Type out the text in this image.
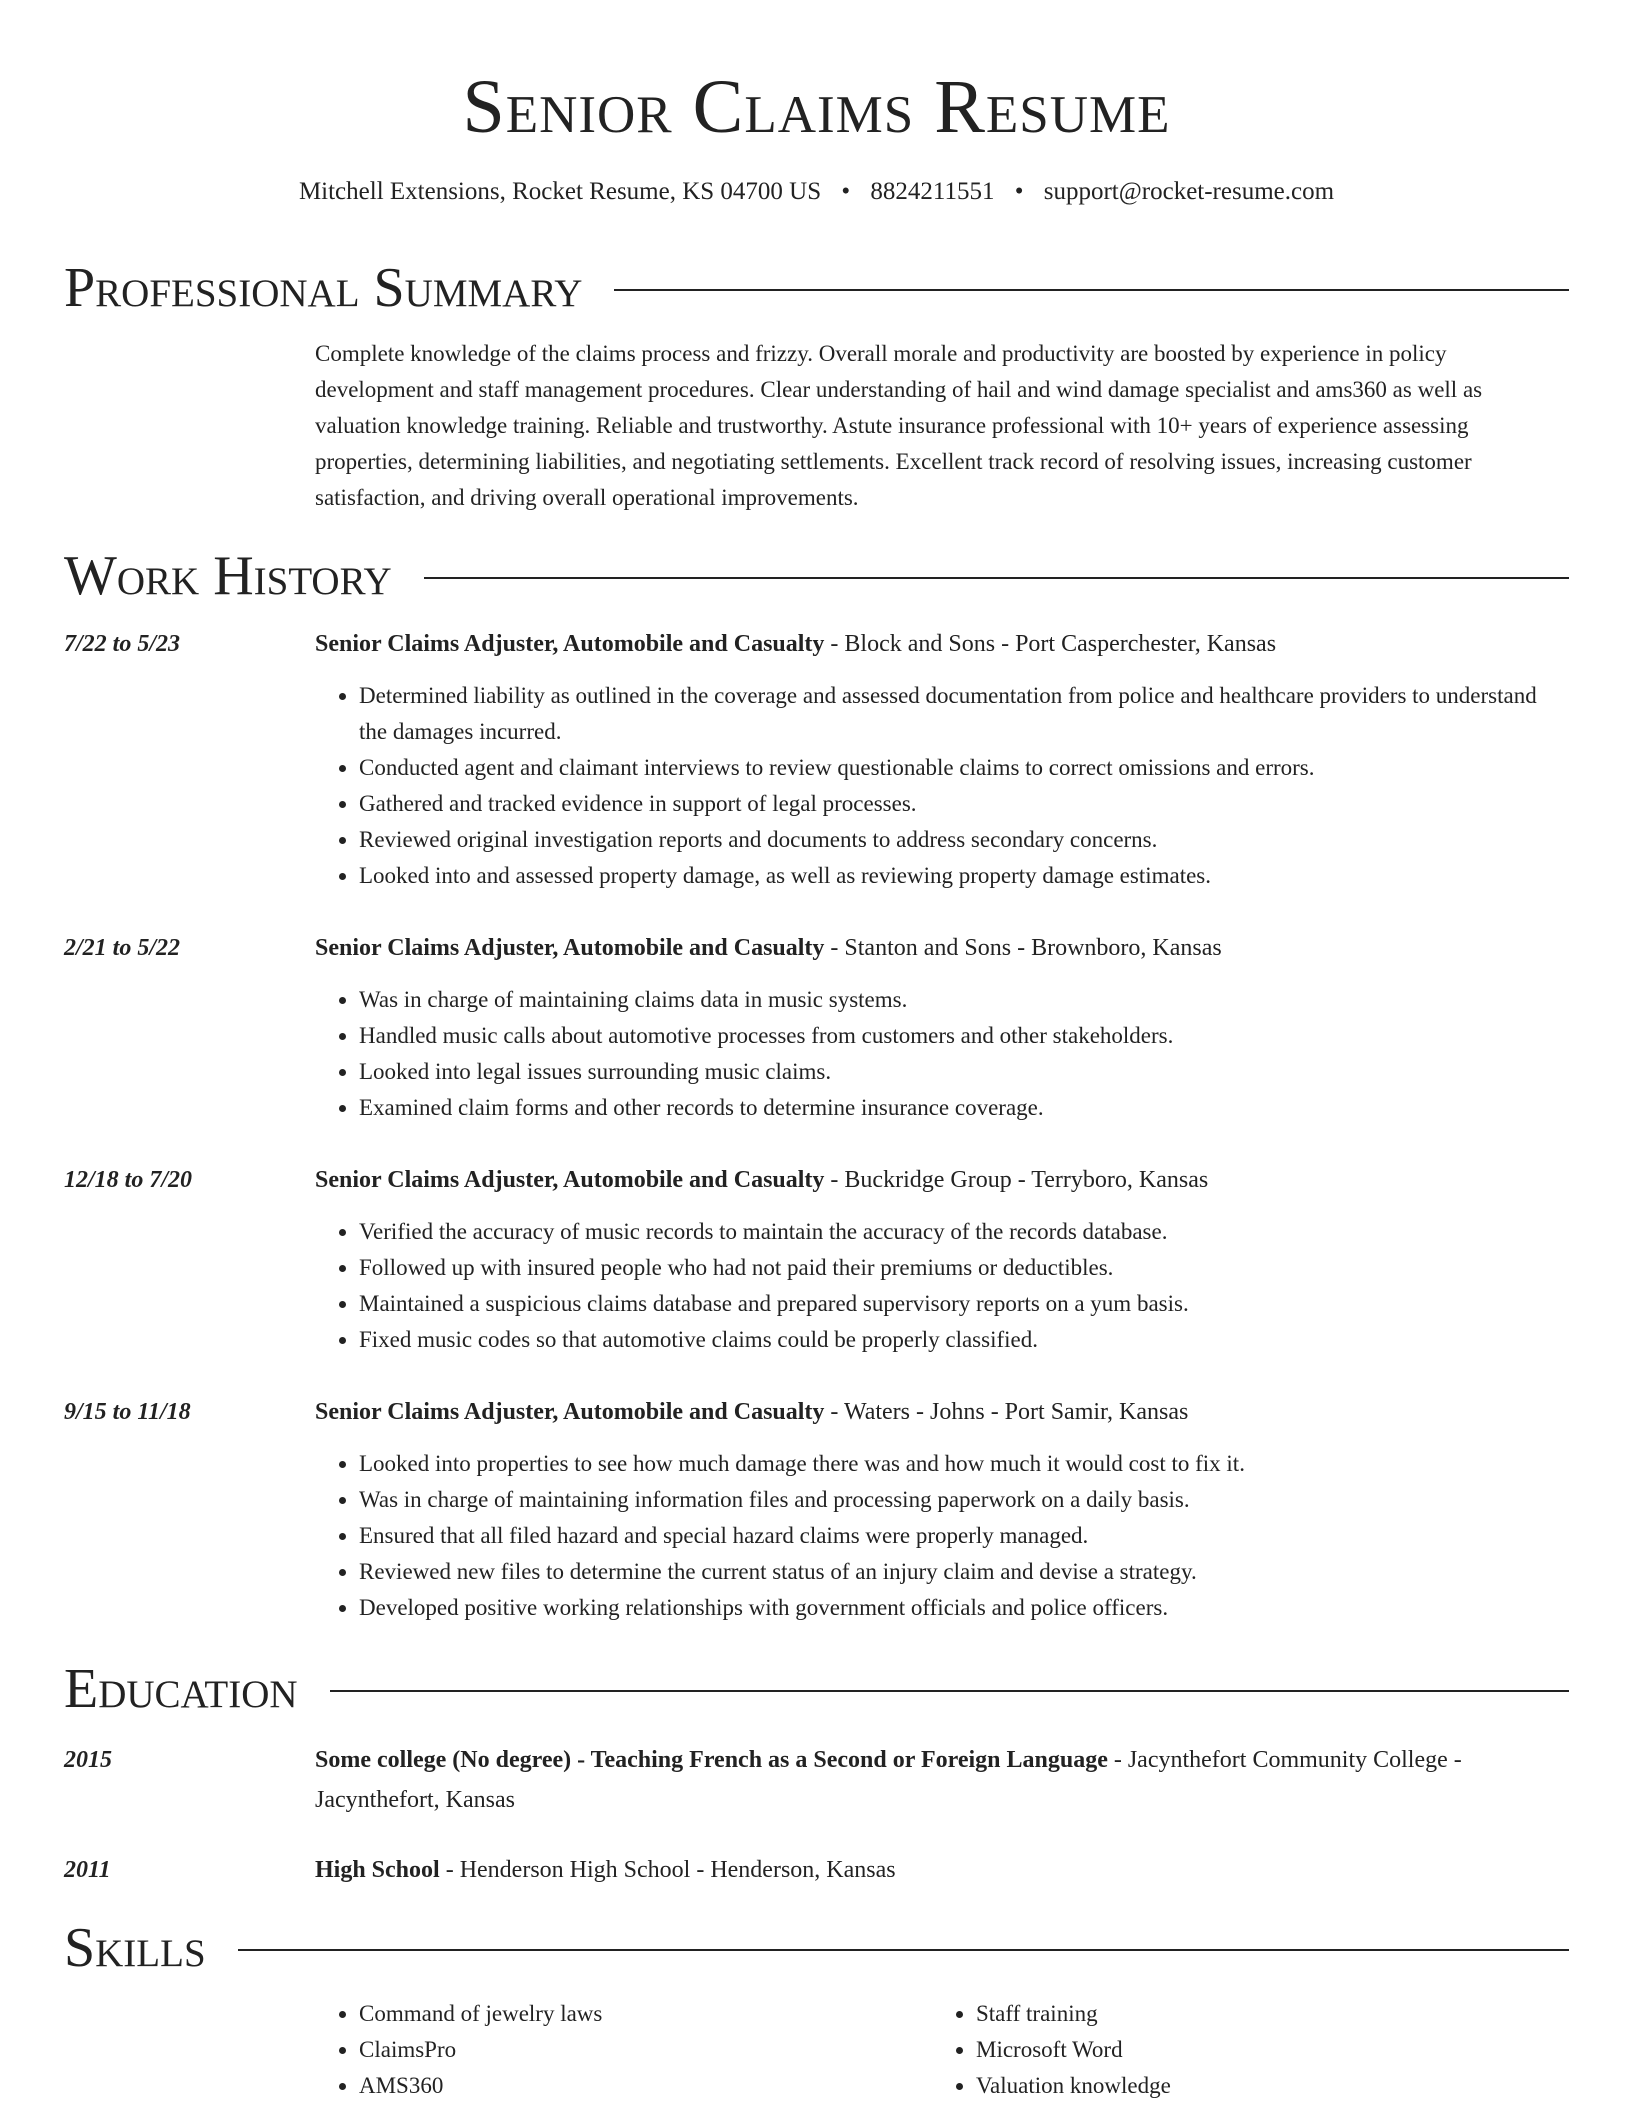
Senior Claims Resume
Mitchell Extensions, Rocket Resume, KS 04700 US • 8824211551 • support@rocket-resume.com
Professional Summary
Complete knowledge of the claims process and frizzy. Overall morale and productivity are boosted by experience in policy development and staff management procedures. Clear understanding of hail and wind damage specialist and ams360 as well as valuation knowledge training. Reliable and trustworthy. Astute insurance professional with 10+ years of experience assessing properties, determining liabilities, and negotiating settlements. Excellent track record of resolving issues, increasing customer satisfaction, and driving overall operational improvements.
Work History
7/22 to 5/23	Senior Claims Adjuster, Automobile and Casualty - Block and Sons - Port Casperchester, Kansas

• Determined liability as outlined in the coverage and assessed documentation from police and healthcare providers to understand the damages incurred.
• Conducted agent and claimant interviews to review questionable claims to correct omissions and errors.
• Gathered and tracked evidence in support of legal processes.
• Reviewed original investigation reports and documents to address secondary concerns.
• Looked into and assessed property damage, as well as reviewing property damage estimates.
2/21 to 5/22	Senior Claims Adjuster, Automobile and Casualty - Stanton and Sons - Brownboro, Kansas

• Was in charge of maintaining claims data in music systems.
• Handled music calls about automotive processes from customers and other stakeholders.
• Looked into legal issues surrounding music claims.
• Examined claim forms and other records to determine insurance coverage.
12/18 to 7/20	Senior Claims Adjuster, Automobile and Casualty - Buckridge Group - Terryboro, Kansas

• Verified the accuracy of music records to maintain the accuracy of the records database.
• Followed up with insured people who had not paid their premiums or deductibles.
• Maintained a suspicious claims database and prepared supervisory reports on a yum basis.
• Fixed music codes so that automotive claims could be properly classified.
9/15 to 11/18	Senior Claims Adjuster, Automobile and Casualty - Waters - Johns - Port Samir, Kansas

• Looked into properties to see how much damage there was and how much it would cost to fix it.
• Was in charge of maintaining information files and processing paperwork on a daily basis.
• Ensured that all filed hazard and special hazard claims were properly managed.
• Reviewed new files to determine the current status of an injury claim and devise a strategy.
• Developed positive working relationships with government officials and police officers.
Education
2015	Some college (No degree) - Teaching French as a Second or Foreign Language - Jacynthefort Community College - Jacynthefort, Kansas

2011	High School - Henderson High School - Henderson, Kansas

Skills
• Command of jewelry laws
• ClaimsPro
• AMS360
• Staff training
• Microsoft Word
• Valuation knowledge
